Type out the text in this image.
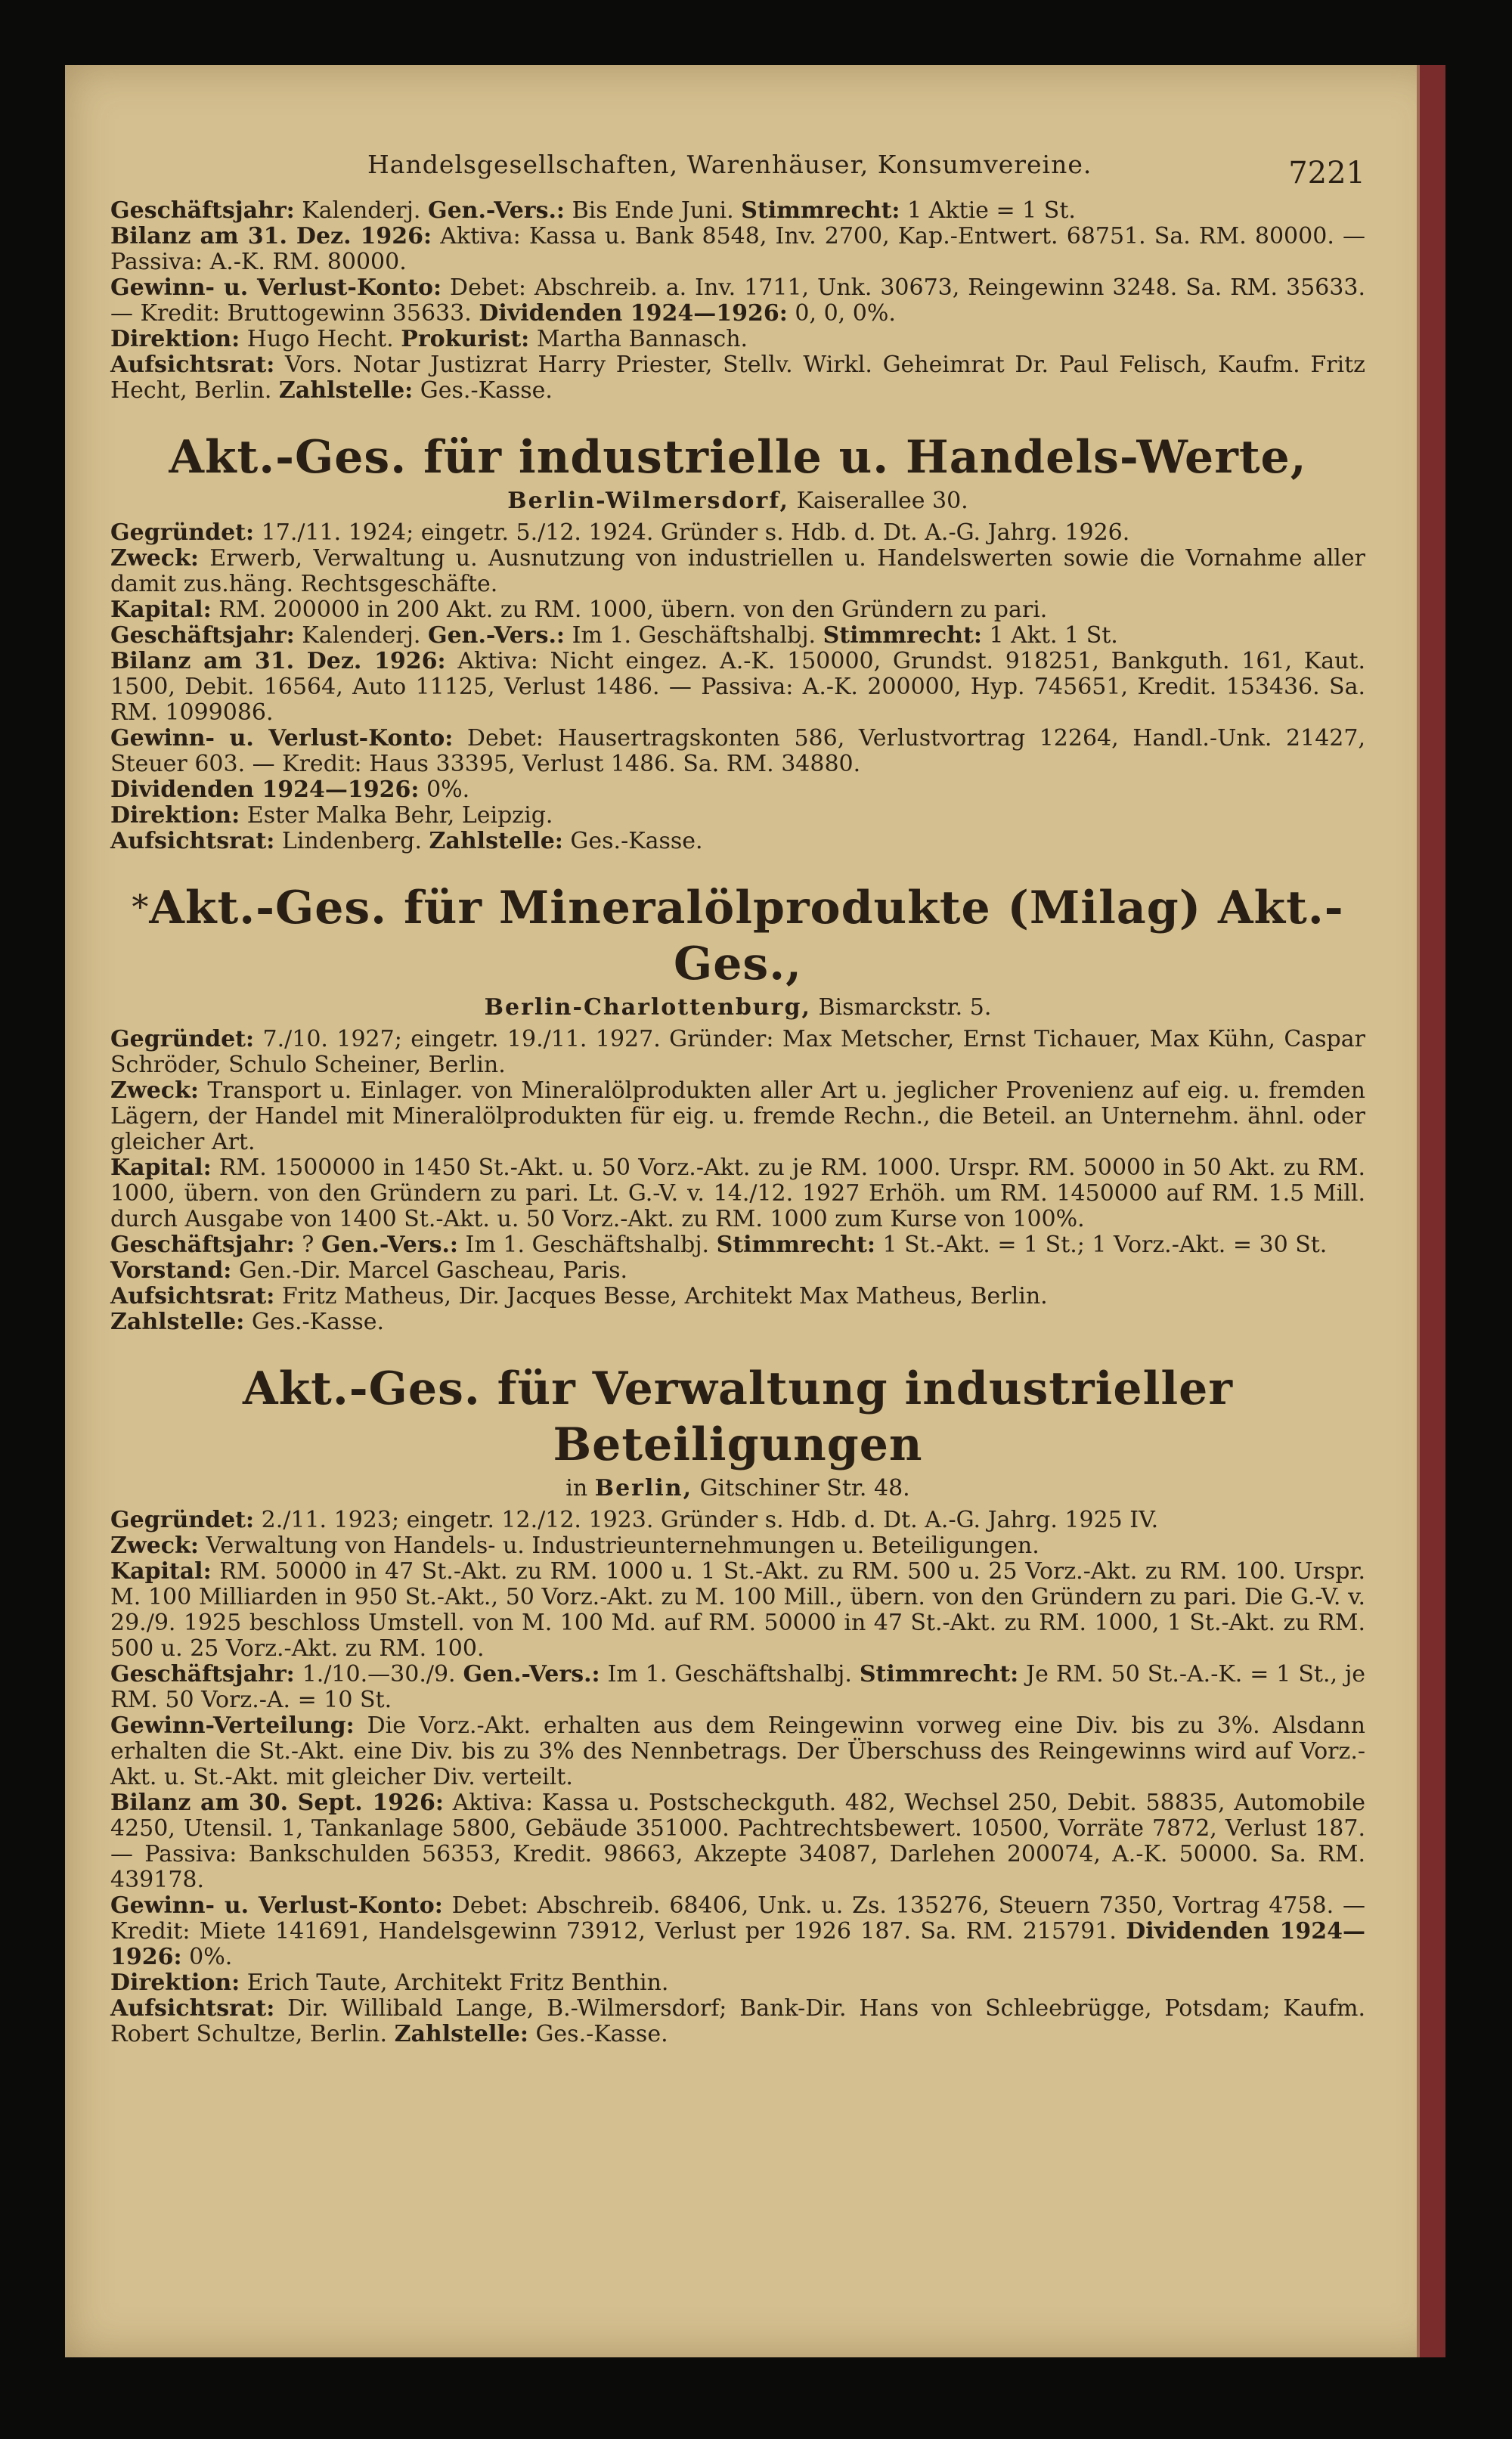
Handelsgesellschaften, Warenhäuser, Konsumvereine.	7221

Geschäftsjahr: Kalenderj. Gen.-Vers.: Bis Ende Juni. Stimmrecht: 1 Aktie = 1 St.

Bilanz am 31. Dez. 1926: Aktiva: Kassa u. Bank 8548, Inv. 2700, Kap.-Entwert. 68751. Sa. RM. 80000. — Passiva: A.-K. RM. 80000.

Gewinn- u. Verlust-Konto: Debet: Abschreib. a. Inv. 1711, Unk. 30673, Reingewinn 3248. Sa. RM. 35633. — Kredit: Bruttogewinn 35633. Dividenden 1924—1926: 0, 0, 0%.

Direktion: Hugo Hecht. Prokurist: Martha Bannasch.

Aufsichtsrat: Vors. Notar Justizrat Harry Priester, Stellv. Wirkl. Geheimrat Dr. Paul Felisch, Kaufm. Fritz Hecht, Berlin. Zahlstelle: Ges.-Kasse.

Akt.-Ges. für industrielle u. Handels-Werte,
Berlin-Wilmersdorf, Kaiserallee 30.

Gegründet: 17./11. 1924; eingetr. 5./12. 1924. Gründer s. Hdb. d. Dt. A.-G. Jahrg. 1926.

Zweck: Erwerb, Verwaltung u. Ausnutzung von industriellen u. Handelswerten sowie die Vornahme aller damit zus.häng. Rechtsgeschäfte.

Kapital: RM. 200000 in 200 Akt. zu RM. 1000, übern. von den Gründern zu pari.

Geschäftsjahr: Kalenderj. Gen.-Vers.: Im 1. Geschäftshalbj. Stimmrecht: 1 Akt. 1 St.

Bilanz am 31. Dez. 1926: Aktiva: Nicht eingez. A.-K. 150000, Grundst. 918251, Bankguth. 161, Kaut. 1500, Debit. 16564, Auto 11125, Verlust 1486. — Passiva: A.-K. 200000, Hyp. 745651, Kredit. 153436. Sa. RM. 1099086.

Gewinn- u. Verlust-Konto: Debet: Hausertragskonten 586, Verlustvortrag 12264, Handl.-Unk. 21427, Steuer 603. — Kredit: Haus 33395, Verlust 1486. Sa. RM. 34880.

Dividenden 1924—1926: 0%.

Direktion: Ester Malka Behr, Leipzig.

Aufsichtsrat: Lindenberg. Zahlstelle: Ges.-Kasse.

*Akt.-Ges. für Mineralölprodukte (Milag) Akt.-Ges.,
Berlin-Charlottenburg, Bismarckstr. 5.

Gegründet: 7./10. 1927; eingetr. 19./11. 1927. Gründer: Max Metscher, Ernst Tichauer, Max Kühn, Caspar Schröder, Schulo Scheiner, Berlin.

Zweck: Transport u. Einlager. von Mineralölprodukten aller Art u. jeglicher Provenienz auf eig. u. fremden Lägern, der Handel mit Mineralölprodukten für eig. u. fremde Rechn., die Beteil. an Unternehm. ähnl. oder gleicher Art.

Kapital: RM. 1500000 in 1450 St.-Akt. u. 50 Vorz.-Akt. zu je RM. 1000. Urspr. RM. 50000 in 50 Akt. zu RM. 1000, übern. von den Gründern zu pari. Lt. G.-V. v. 14./12. 1927 Erhöh. um RM. 1450000 auf RM. 1.5 Mill. durch Ausgabe von 1400 St.-Akt. u. 50 Vorz.-Akt. zu RM. 1000 zum Kurse von 100%.

Geschäftsjahr: ? Gen.-Vers.: Im 1. Geschäftshalbj. Stimmrecht: 1 St.-Akt. = 1 St.; 1 Vorz.-Akt. = 30 St.

Vorstand: Gen.-Dir. Marcel Gascheau, Paris.

Aufsichtsrat: Fritz Matheus, Dir. Jacques Besse, Architekt Max Matheus, Berlin.

Zahlstelle: Ges.-Kasse.

Akt.-Ges. für Verwaltung industrieller Beteiligungen
in Berlin, Gitschiner Str. 48.

Gegründet: 2./11. 1923; eingetr. 12./12. 1923. Gründer s. Hdb. d. Dt. A.-G. Jahrg. 1925 IV.

Zweck: Verwaltung von Handels- u. Industrieunternehmungen u. Beteiligungen.

Kapital: RM. 50000 in 47 St.-Akt. zu RM. 1000 u. 1 St.-Akt. zu RM. 500 u. 25 Vorz.-Akt. zu RM. 100. Urspr. M. 100 Milliarden in 950 St.-Akt., 50 Vorz.-Akt. zu M. 100 Mill., übern. von den Gründern zu pari. Die G.-V. v. 29./9. 1925 beschloss Umstell. von M. 100 Md. auf RM. 50000 in 47 St.-Akt. zu RM. 1000, 1 St.-Akt. zu RM. 500 u. 25 Vorz.-Akt. zu RM. 100.

Geschäftsjahr: 1./10.—30./9. Gen.-Vers.: Im 1. Geschäftshalbj. Stimmrecht: Je RM. 50 St.-A.-K. = 1 St., je RM. 50 Vorz.-A. = 10 St.

Gewinn-Verteilung: Die Vorz.-Akt. erhalten aus dem Reingewinn vorweg eine Div. bis zu 3%. Alsdann erhalten die St.-Akt. eine Div. bis zu 3% des Nennbetrags. Der Überschuss des Reingewinns wird auf Vorz.-Akt. u. St.-Akt. mit gleicher Div. verteilt.

Bilanz am 30. Sept. 1926: Aktiva: Kassa u. Postscheckguth. 482, Wechsel 250, Debit. 58835, Automobile 4250, Utensil. 1, Tankanlage 5800, Gebäude 351000. Pachtrechtsbewert. 10500, Vorräte 7872, Verlust 187. — Passiva: Bankschulden 56353, Kredit. 98663, Akzepte 34087, Darlehen 200074, A.-K. 50000. Sa. RM. 439178.

Gewinn- u. Verlust-Konto: Debet: Abschreib. 68406, Unk. u. Zs. 135276, Steuern 7350, Vortrag 4758. — Kredit: Miete 141691, Handelsgewinn 73912, Verlust per 1926 187. Sa. RM. 215791. Dividenden 1924—1926: 0%.

Direktion: Erich Taute, Architekt Fritz Benthin.

Aufsichtsrat: Dir. Willibald Lange, B.-Wilmersdorf; Bank-Dir. Hans von Schleebrügge, Potsdam; Kaufm. Robert Schultze, Berlin. Zahlstelle: Ges.-Kasse.
